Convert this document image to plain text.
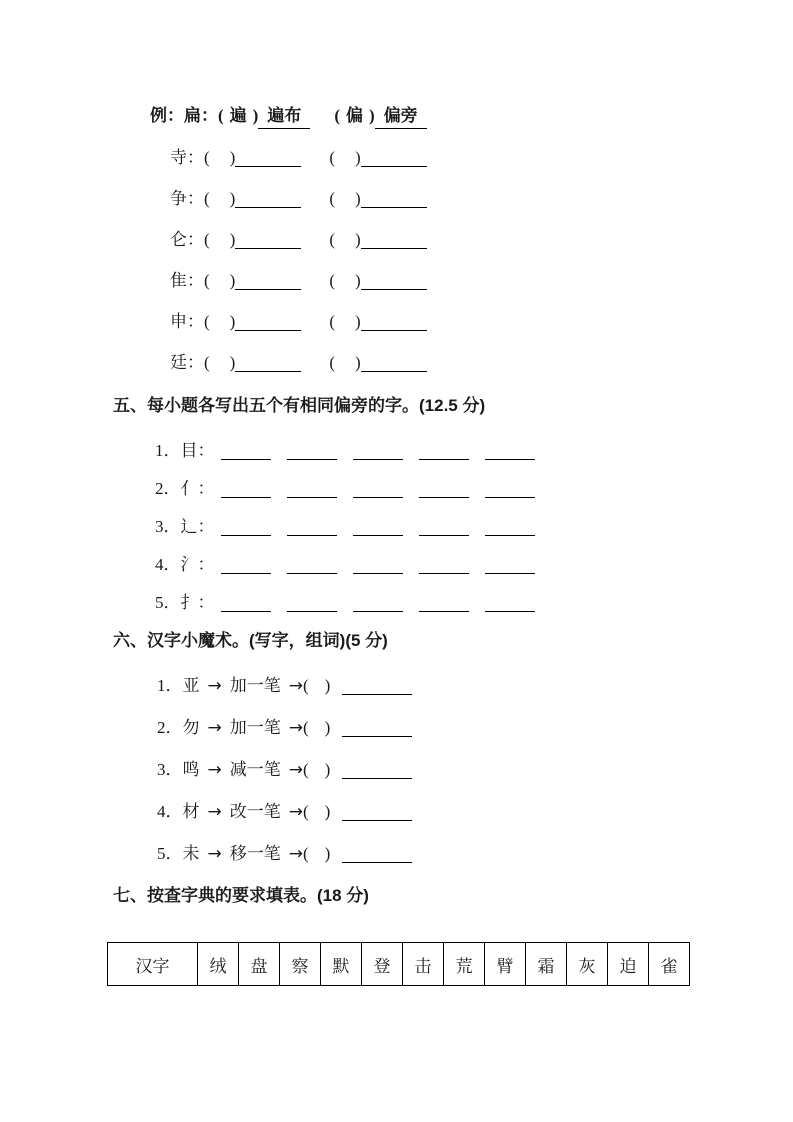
例：扁：( 遍 ) 遍布 ( 偏 ) 偏旁
寺：( )	( )
争：( )	( )
仑：( )	( )
隹：( )	( )
申：( )	( )
廷：( )	( )
五、每小题各写出五个有相同偏旁的字。(12.5 分)
1．目：
2．亻：
3．辶：
4．氵：
5．扌：
六、汉字小魔术。(写字，组词)(5 分)
1．亚 → 加一笔 →( )
2．勿 → 加一笔 →( )
3．鸣 → 减一笔 →( )
4．材 → 改一笔 →( )
5．未 → 移一笔 →( )
七、按查字典的要求填表。(18 分)
汉字	绒	盘	察	默	登	击	荒	臂	霜	灰	迫	雀
